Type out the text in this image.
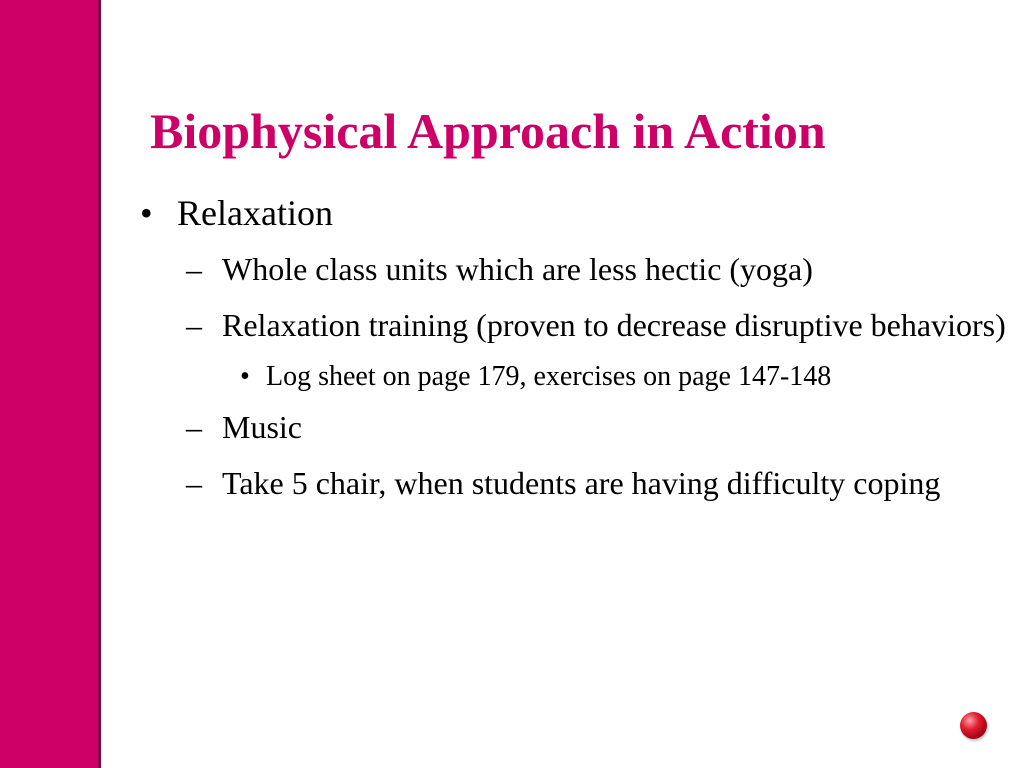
Biophysical Approach in Action

• Relaxation

– Whole class units which are less hectic (yoga)

– Relaxation training (proven to decrease disruptive behaviors)

• Log sheet on page 179, exercises on page 147-148

– Music

– Take 5 chair, when students are having difficulty coping
